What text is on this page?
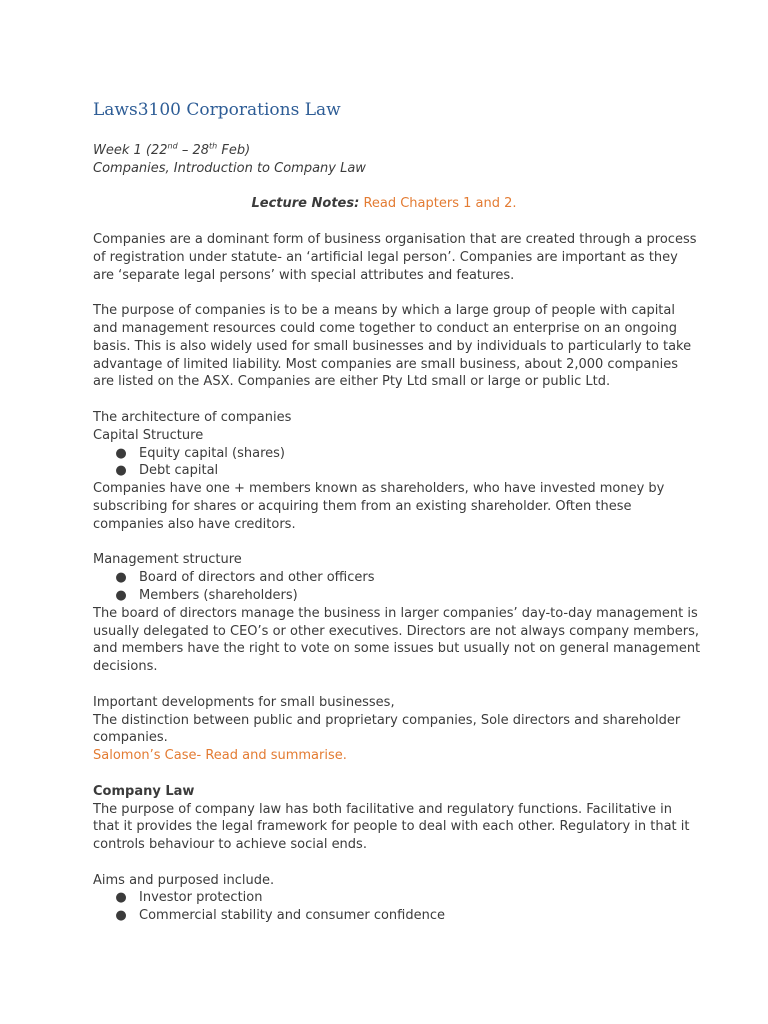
Laws3100 Corporations Law
Week 1 (22nd – 28th Feb)
Companies, Introduction to Company Law
Lecture Notes: Read Chapters 1 and 2.

Companies are a dominant form of business organisation that are created through a process

of registration under statute- an ‘artificial legal person’. Companies are important as they

are ‘separate legal persons’ with special attributes and features.

The purpose of companies is to be a means by which a large group of people with capital

and management resources could come together to conduct an enterprise on an ongoing

basis. This is also widely used for small businesses and by individuals to particularly to take

advantage of limited liability. Most companies are small business, about 2,000 companies

are listed on the ASX. Companies are either Pty Ltd small or large or public Ltd.

The architecture of companies

Capital Structure

● Equity capital (shares)
● Debt capital

Companies have one + members known as shareholders, who have invested money by

subscribing for shares or acquiring them from an existing shareholder. Often these

companies also have creditors.

Management structure

● Board of directors and other officers
● Members (shareholders)

The board of directors manage the business in larger companies’ day-to-day management is

usually delegated to CEO’s or other executives. Directors are not always company members,

and members have the right to vote on some issues but usually not on general management

decisions.

Important developments for small businesses,

The distinction between public and proprietary companies, Sole directors and shareholder

companies.

Salomon’s Case- Read and summarise.

Company Law

The purpose of company law has both facilitative and regulatory functions. Facilitative in

that it provides the legal framework for people to deal with each other. Regulatory in that it

controls behaviour to achieve social ends.

Aims and purposed include.

● Investor protection
● Commercial stability and consumer confidence
